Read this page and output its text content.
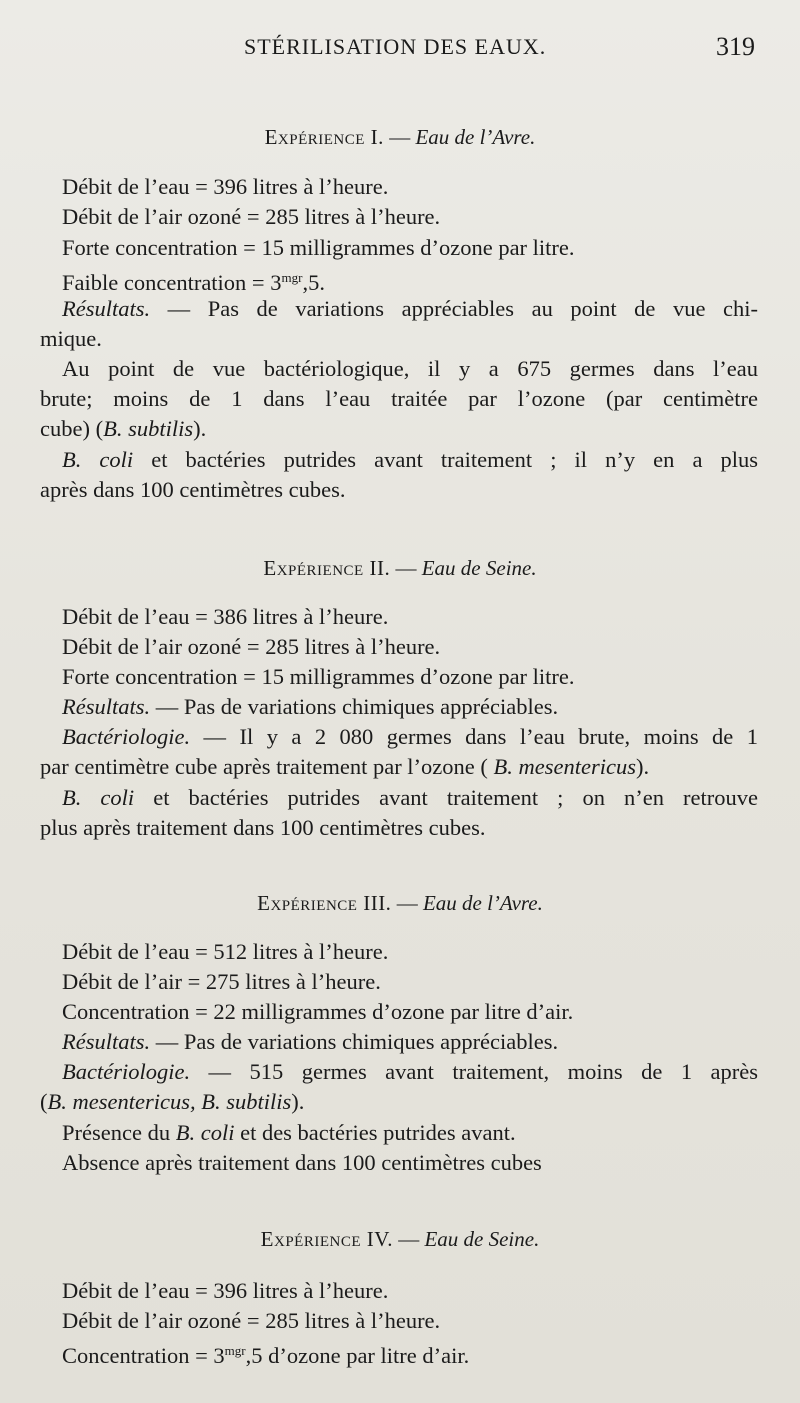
STÉRILISATION DES EAUX.	319
Expérience I. — Eau de l’Avre.
Débit de l’eau = 396 litres à l’heure.
Débit de l’air ozoné = 285 litres à l’heure.
Forte concentration = 15 milligrammes d’ozone par litre.
Faible concentration = $3^{mgr},5$.
Résultats. — Pas de variations appréciables au point de vue chi-
mique.
Au point de vue bactériologique, il y a 675 germes dans l’eau
brute; moins de 1 dans l’eau traitée par l’ozone (par centimètre
cube) (B. subtilis).
B. coli et bactéries putrides avant traitement ; il n’y en a plus
après dans 100 centimètres cubes.
Expérience II. — Eau de Seine.
Débit de l’eau = 386 litres à l’heure.
Débit de l’air ozoné = 285 litres à l’heure.
Forte concentration = 15 milligrammes d’ozone par litre.
Résultats. — Pas de variations chimiques appréciables.
Bactériologie. — Il y a 2 080 germes dans l’eau brute, moins de 1
par centimètre cube après traitement par l’ozone ( B. mesentericus).
B. coli et bactéries putrides avant traitement ; on n’en retrouve
plus après traitement dans 100 centimètres cubes.
Expérience III. — Eau de l’Avre.
Débit de l’eau = 512 litres à l’heure.
Débit de l’air = 275 litres à l’heure.
Concentration = 22 milligrammes d’ozone par litre d’air.
Résultats. — Pas de variations chimiques appréciables.
Bactériologie. — 515 germes avant traitement, moins de 1 après
(B. mesentericus, B. subtilis).
Présence du B. coli et des bactéries putrides avant.
Absence après traitement dans 100 centimètres cubes
Expérience IV. — Eau de Seine.
Débit de l’eau = 396 litres à l’heure.
Débit de l’air ozoné = 285 litres à l’heure.
Concentration = $3^{mgr},5$ d’ozone par litre d’air.
